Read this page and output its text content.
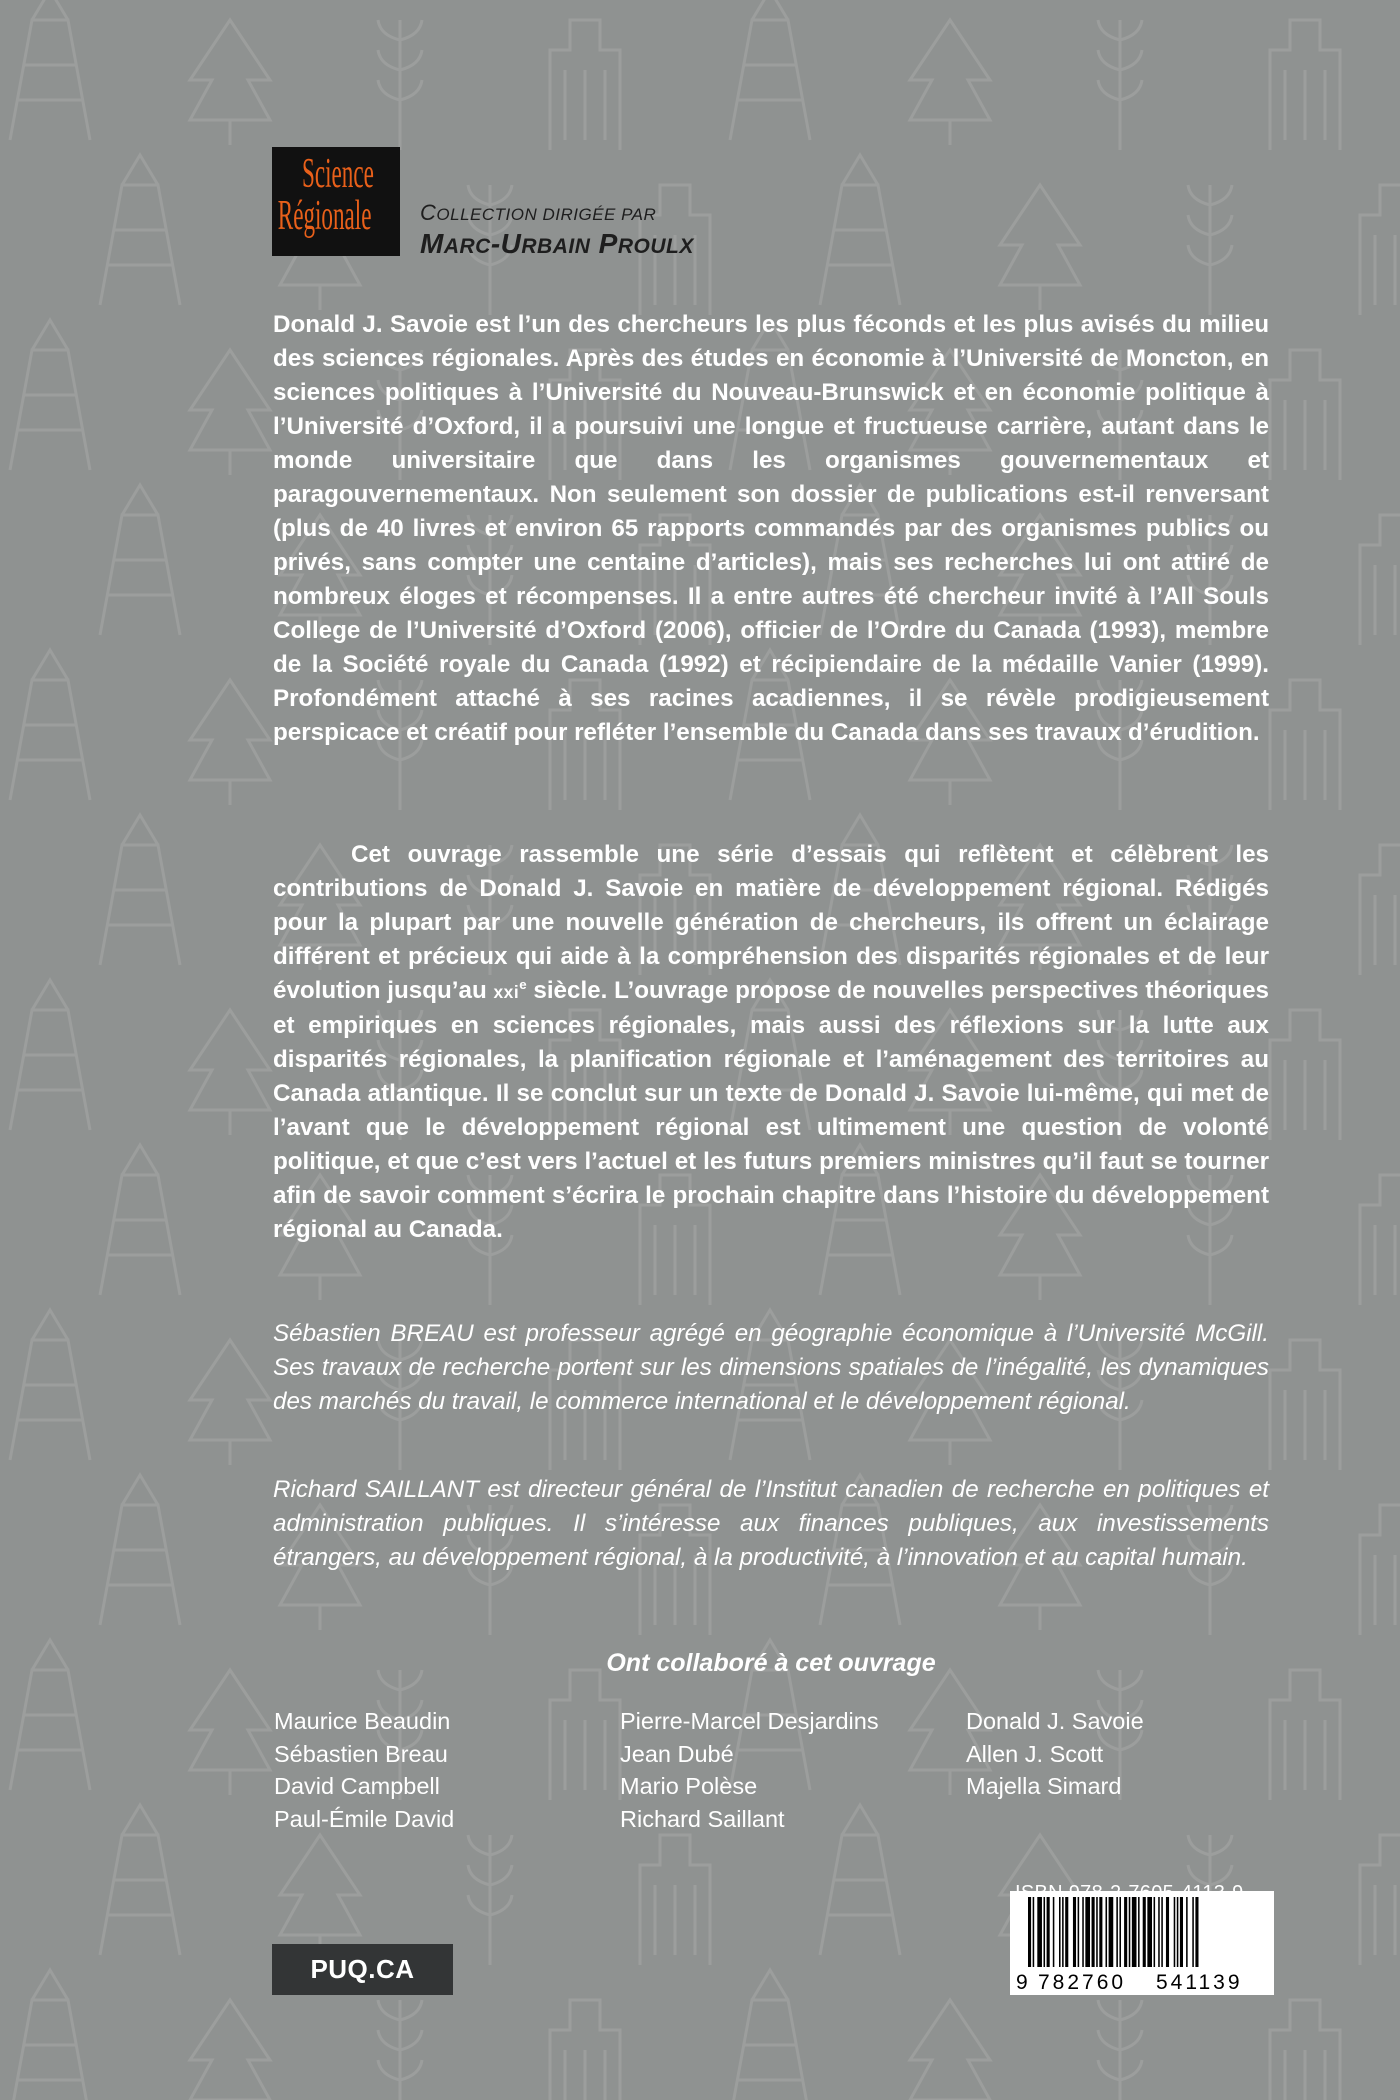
Science
Régionale COLLECTION DIRIGÉE PAR
MARC-URBAIN PROULX

Donald J. Savoie est l’un des chercheurs les plus féconds et les plus avisés du milieu des sciences régionales. Après des études en économie à l’Université de Moncton, en sciences politiques à l’Université du Nouveau-Brunswick et en économie politique à l’Université d’Oxford, il a poursuivi une longue et fructueuse carrière, autant dans le monde universitaire que dans les organismes gouvernementaux et paragouvernementaux. Non seulement son dossier de publications est-il renversant (plus de 40 livres et environ 65 rapports commandés par des organismes publics ou privés, sans compter une centaine d’articles), mais ses recherches lui ont attiré de nombreux éloges et récompenses. Il a entre autres été chercheur invité à l’All Souls College de l’Université d’Oxford (2006), officier de l’Ordre du Canada (1993), membre de la Société royale du Canada (1992) et récipiendaire de la médaille Vanier (1999). Profondément attaché à ses racines acadiennes, il se révèle prodigieusement perspicace et créatif pour refléter l’ensemble du Canada dans ses travaux d’érudition.

Cet ouvrage rassemble une série d’essais qui reflètent et célèbrent les contributions de Donald J. Savoie en matière de développement régional. Rédigés pour la plupart par une nouvelle génération de chercheurs, ils offrent un éclairage différent et précieux qui aide à la compréhension des disparités régionales et de leur évolution jusqu’au xxi$^e$ siècle. L’ouvrage propose de nouvelles perspectives théoriques et empiriques en sciences régionales, mais aussi des réflexions sur la lutte aux disparités régionales, la planification régionale et l’aménagement des territoires au Canada atlantique. Il se conclut sur un texte de Donald J. Savoie lui-même, qui met de l’avant que le développement régional est ultimement une question de volonté politique, et que c’est vers l’actuel et les futurs premiers ministres qu’il faut se tourner afin de savoir comment s’écrira le prochain chapitre dans l’histoire du développement régional au Canada.

Sébastien BREAU est professeur agrégé en géographie économique à l’Université McGill. Ses travaux de recherche portent sur les dimensions spatiales de l’inégalité, les dynamiques des marchés du travail, le commerce international et le développement régional.

Richard SAILLANT est directeur général de l’Institut canadien de recherche en politiques et administration publiques. Il s’intéresse aux finances publiques, aux investissements étrangers, au développement régional, à la productivité, à l’innovation et au capital humain.

Ont collaboré à cet ouvrage
Maurice Beaudin
Sébastien Breau
David Campbell
Paul-Émile David
Pierre-Marcel Desjardins
Jean Dubé
Mario Polèse
Richard Saillant
Donald J. Savoie
Allen J. Scott
Majella Simard
9 782760 541139
PUQ.CA
